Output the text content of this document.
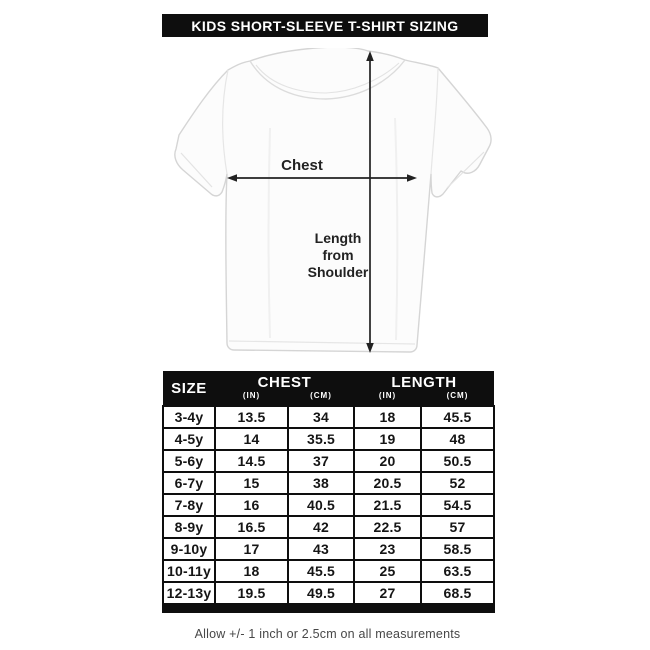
KIDS SHORT-SLEEVE T-SHIRT SIZING
Chest
Length
from
Shoulder
SIZE	CHEST		LENGTH	
	(IN)	(CM)	(IN)	(CM)
3-4y	13.5	34	18	45.5
4-5y	14	35.5	19	48
5-6y	14.5	37	20	50.5
6-7y	15	38	20.5	52
7-8y	16	40.5	21.5	54.5
8-9y	16.5	42	22.5	57
9-10y	17	43	23	58.5
10-11y	18	45.5	25	63.5
12-13y	19.5	49.5	27	68.5

Allow +/- 1 inch or 2.5cm on all measurements
